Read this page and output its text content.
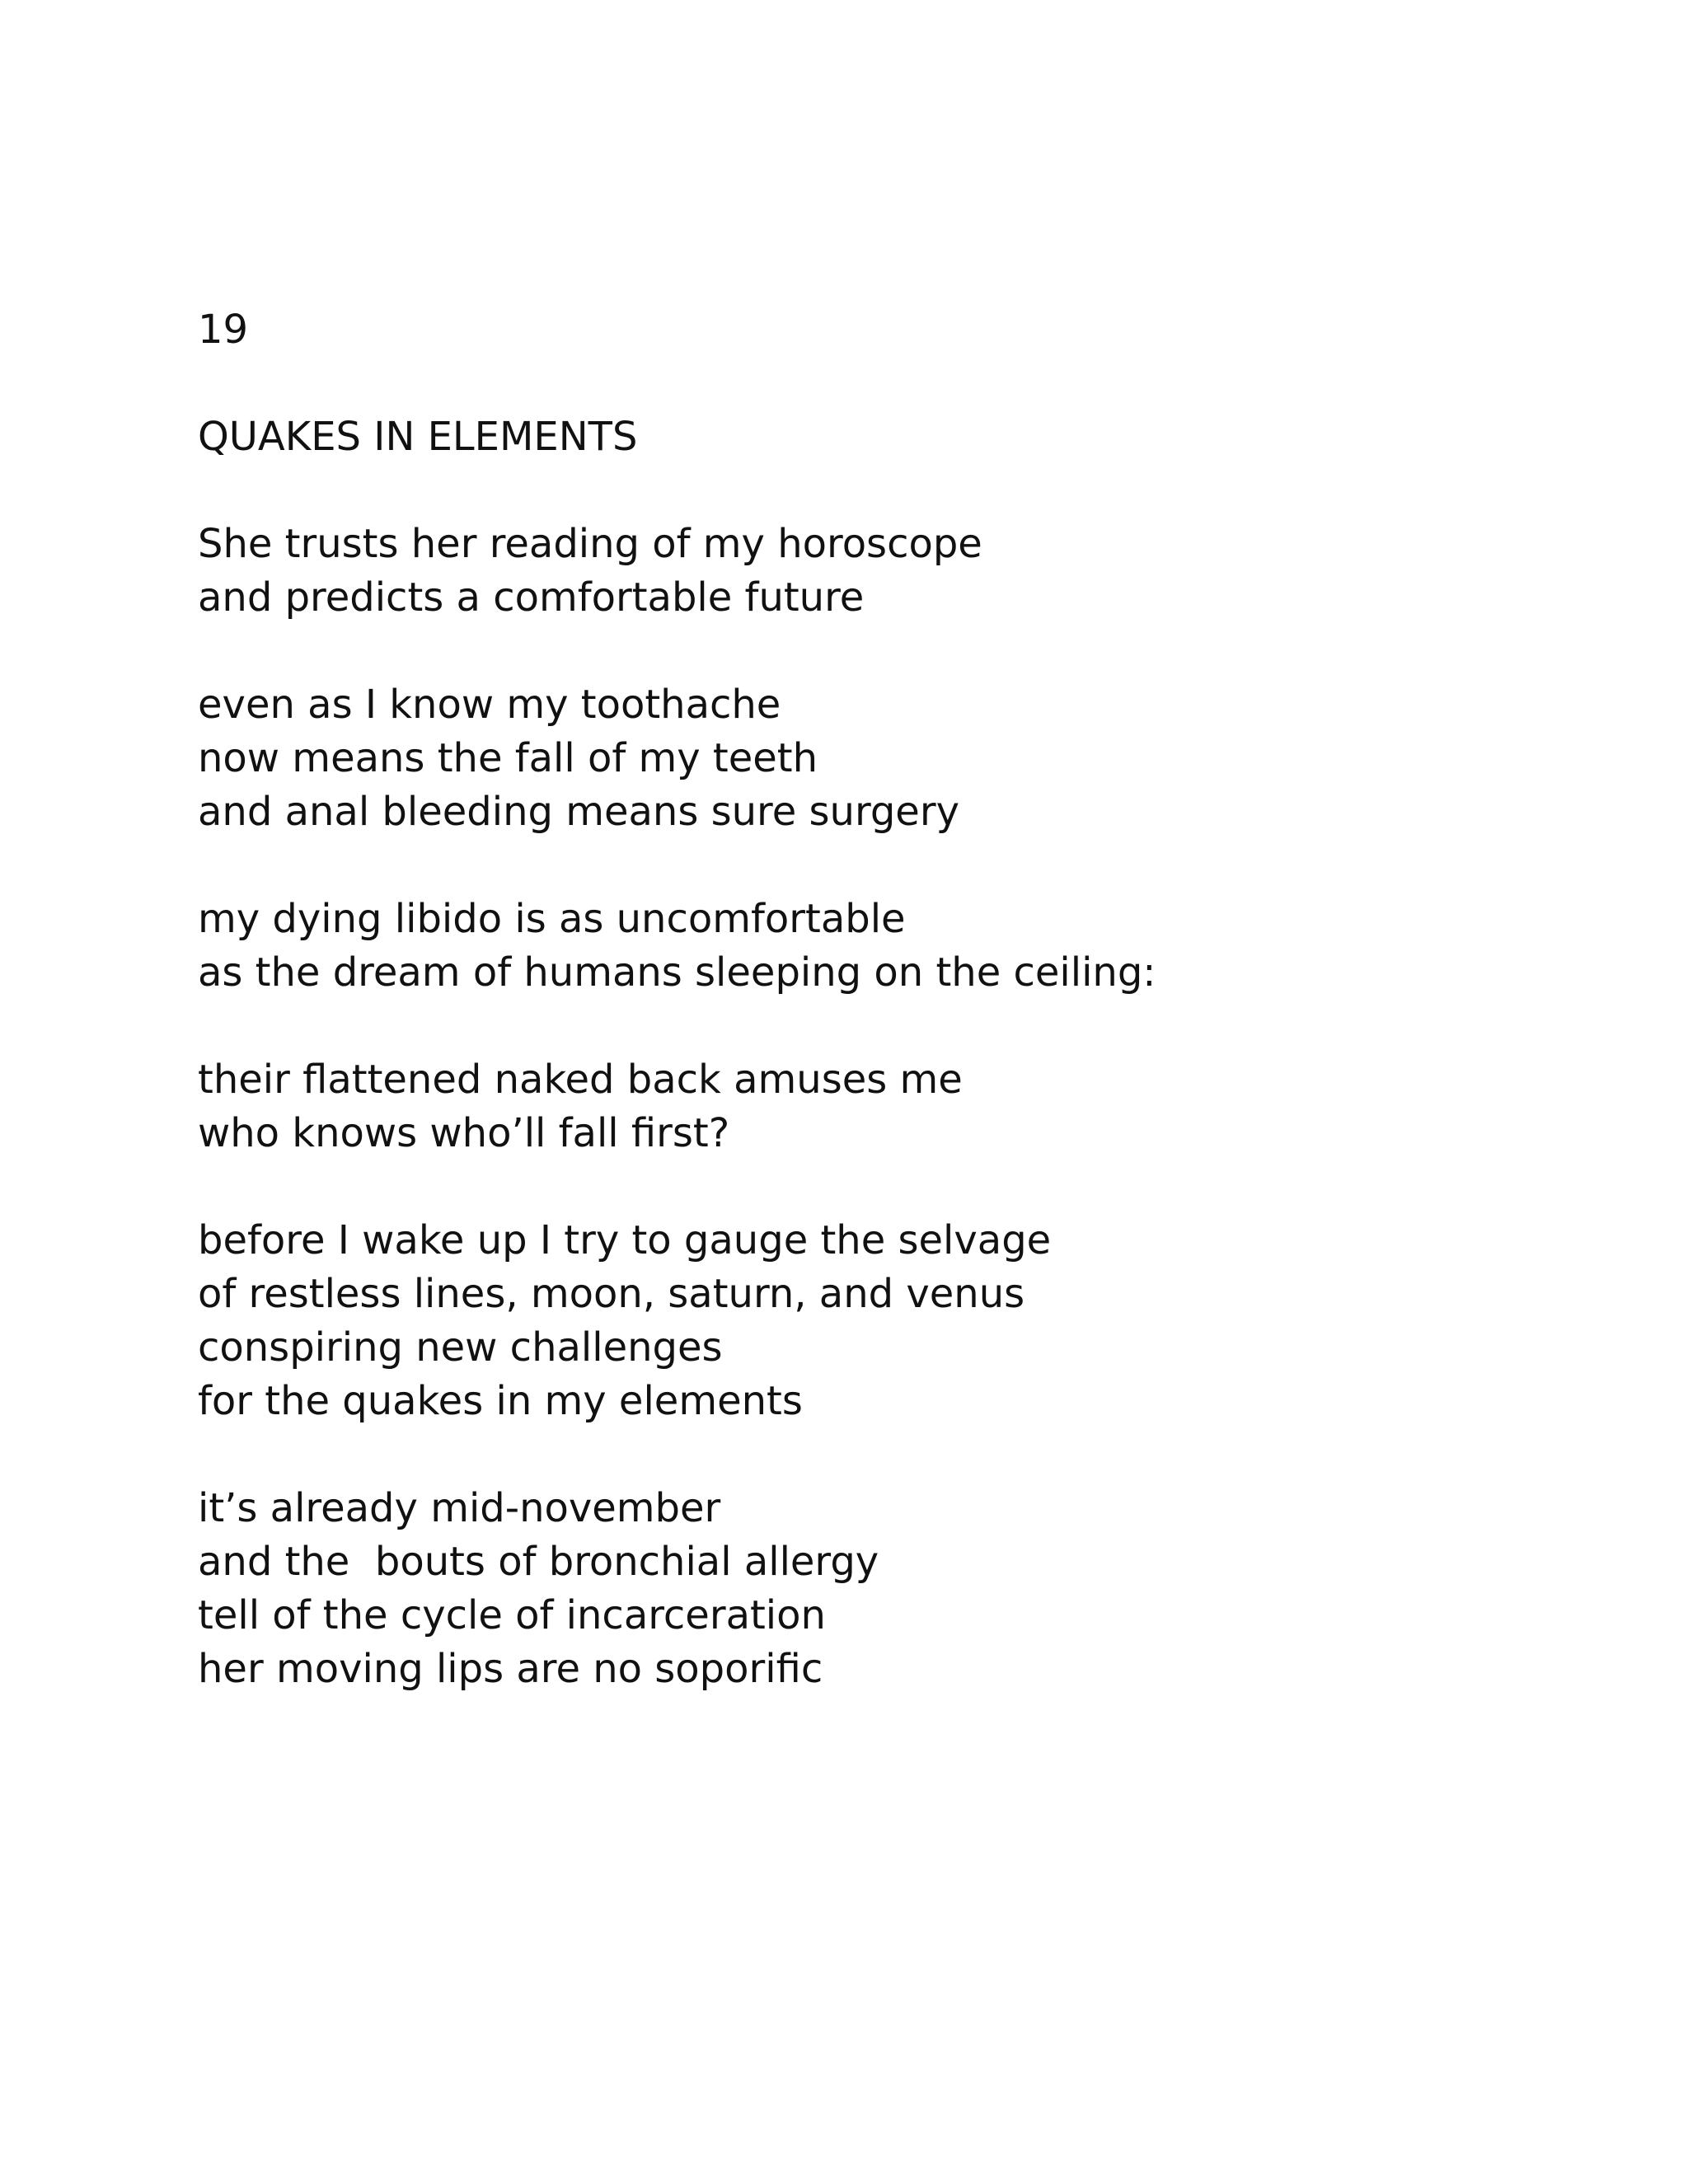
19
QUAKES IN ELEMENTS
She trusts her reading of my horoscope
and predicts a comfortable future
even as I know my toothache
now means the fall of my teeth
and anal bleeding means sure surgery
my dying libido is as uncomfortable
as the dream of humans sleeping on the ceiling:
their flattened naked back amuses me
who knows who’ll fall first?
before I wake up I try to gauge the selvage
of restless lines, moon, saturn, and venus
conspiring new challenges
for the quakes in my elements
it’s already mid-november
and the  bouts of bronchial allergy
tell of the cycle of incarceration
her moving lips are no soporific
